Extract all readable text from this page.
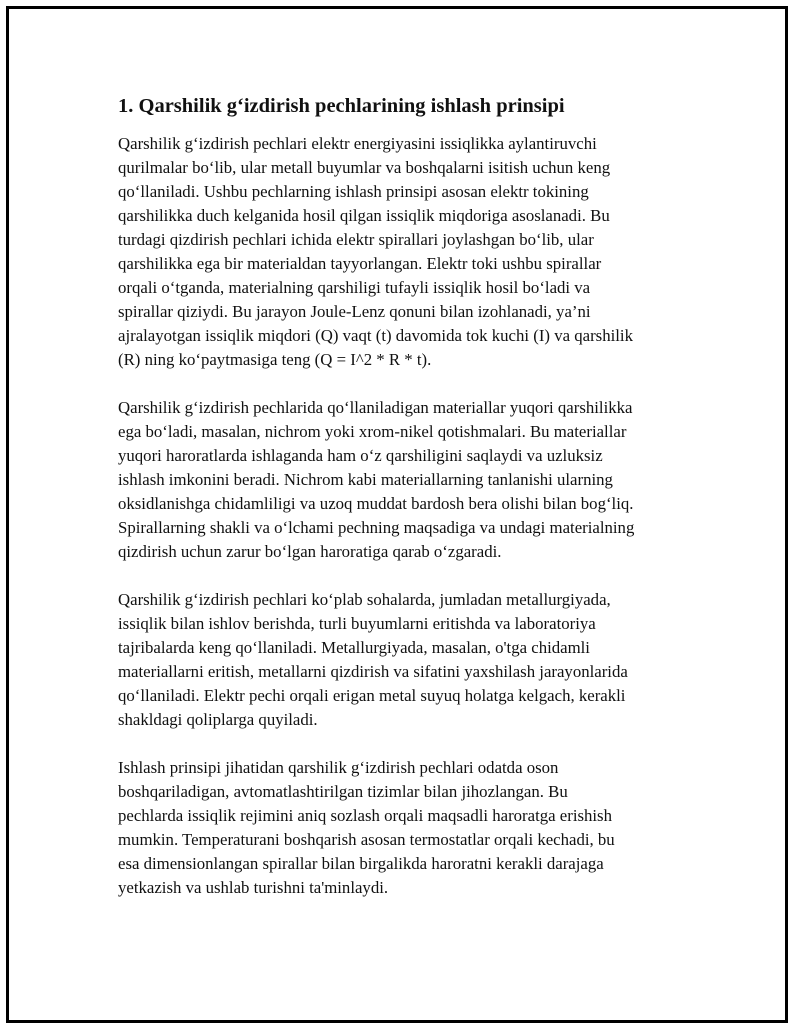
1. Qarshilik g‘izdirish pechlarining ishlash prinsipi

Qarshilik g‘izdirish pechlari elektr energiyasini issiqlikka aylantiruvchi
qurilmalar bo‘lib, ular metall buyumlar va boshqalarni isitish uchun keng
qo‘llaniladi. Ushbu pechlarning ishlash prinsipi asosan elektr tokining
qarshilikka duch kelganida hosil qilgan issiqlik miqdoriga asoslanadi. Bu
turdagi qizdirish pechlari ichida elektr spirallari joylashgan bo‘lib, ular
qarshilikka ega bir materialdan tayyorlangan. Elektr toki ushbu spirallar
orqali o‘tganda, materialning qarshiligi tufayli issiqlik hosil bo‘ladi va
spirallar qiziydi. Bu jarayon Joule-Lenz qonuni bilan izohlanadi, ya’ni
ajralayotgan issiqlik miqdori (Q) vaqt (t) davomida tok kuchi (I) va qarshilik
(R) ning ko‘paytmasiga teng (Q = I^2 * R * t).

Qarshilik g‘izdirish pechlarida qo‘llaniladigan materiallar yuqori qarshilikka
ega bo‘ladi, masalan, nichrom yoki xrom-nikel qotishmalari. Bu materiallar
yuqori haroratlarda ishlaganda ham o‘z qarshiligini saqlaydi va uzluksiz
ishlash imkonini beradi. Nichrom kabi materiallarning tanlanishi ularning
oksidlanishga chidamliligi va uzoq muddat bardosh bera olishi bilan bog‘liq.
Spirallarning shakli va o‘lchami pechning maqsadiga va undagi materialning
qizdirish uchun zarur bo‘lgan haroratiga qarab o‘zgaradi.

Qarshilik g‘izdirish pechlari ko‘plab sohalarda, jumladan metallurgiyada,
issiqlik bilan ishlov berishda, turli buyumlarni eritishda va laboratoriya
tajribalarda keng qo‘llaniladi. Metallurgiyada, masalan, o'tga chidamli
materiallarni eritish, metallarni qizdirish va sifatini yaxshilash jarayonlarida
qo‘llaniladi. Elektr pechi orqali erigan metal suyuq holatga kelgach, kerakli
shakldagi qoliplarga quyiladi.

Ishlash prinsipi jihatidan qarshilik g‘izdirish pechlari odatda oson
boshqariladigan, avtomatlashtirilgan tizimlar bilan jihozlangan. Bu
pechlarda issiqlik rejimini aniq sozlash orqali maqsadli haroratga erishish
mumkin. Temperaturani boshqarish asosan termostatlar orqali kechadi, bu
esa dimensionlangan spirallar bilan birgalikda haroratni kerakli darajaga
yetkazish va ushlab turishni ta'minlaydi.
